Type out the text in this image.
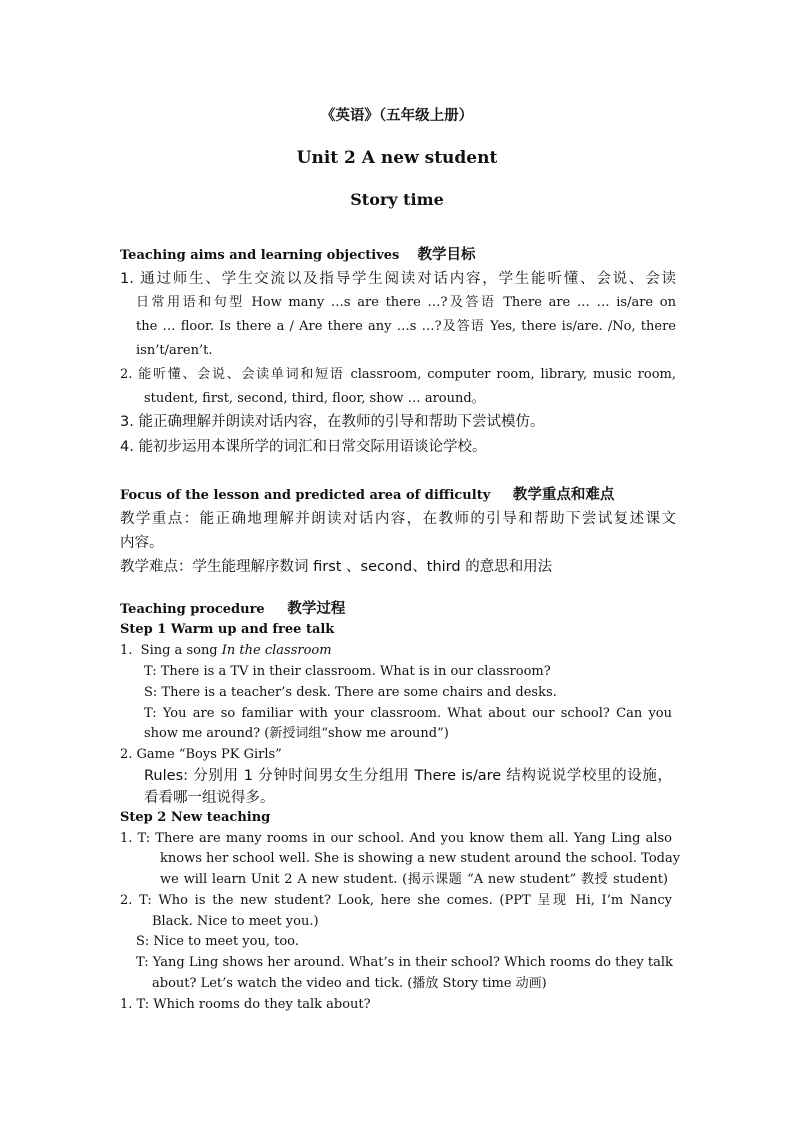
《英语》（五年级上册）
Unit 2 A new student
Story time
Teaching aims and learning objectives 教学目标
1. 通过师生、学生交流以及指导学生阅读对话内容，学生能听懂、会说、会读
日常用语和句型 How many …s are there …?及答语 There are … … is/are on
the … floor. Is there a / Are there any …s …?及答语 Yes, there is/are. /No, there
isn’t/aren’t.
2. 能听懂、会说、会读单词和短语 classroom, computer room, library, music room,
student, first, second, third, floor, show … around。
3. 能正确理解并朗读对话内容，在教师的引导和帮助下尝试模仿。
4. 能初步运用本课所学的词汇和日常交际用语谈论学校。
Focus of the lesson and predicted area of difficulty 教学重点和难点
教学重点：能正确地理解并朗读对话内容，在教师的引导和帮助下尝试复述课文
内容。
教学难点：学生能理解序数词 first 、second、third 的意思和用法
Teaching procedure 教学过程
Step 1 Warm up and free talk
1.  Sing a song In the classroom
T: There is a TV in their classroom. What is in our classroom?
S: There is a teacher’s desk. There are some chairs and desks.
T: You are so familiar with your classroom. What about our school? Can you
show me around? (新授词组“show me around”)
2. Game “Boys PK Girls”
Rules: 分别用 1 分钟时间男女生分组用 There is/are 结构说说学校里的设施，
看看哪一组说得多。
Step 2 New teaching
1. T: There are many rooms in our school. And you know them all. Yang Ling also
knows her school well. She is showing a new student around the school. Today
we will learn Unit 2 A new student. (揭示课题 “A new student” 教授 student)
2. T: Who is the new student? Look, here she comes. (PPT 呈现 Hi, I’m Nancy
Black. Nice to meet you.)
S: Nice to meet you, too.
T: Yang Ling shows her around. What’s in their school? Which rooms do they talk
about? Let’s watch the video and tick. (播放 Story time 动画)
1. T: Which rooms do they talk about?
